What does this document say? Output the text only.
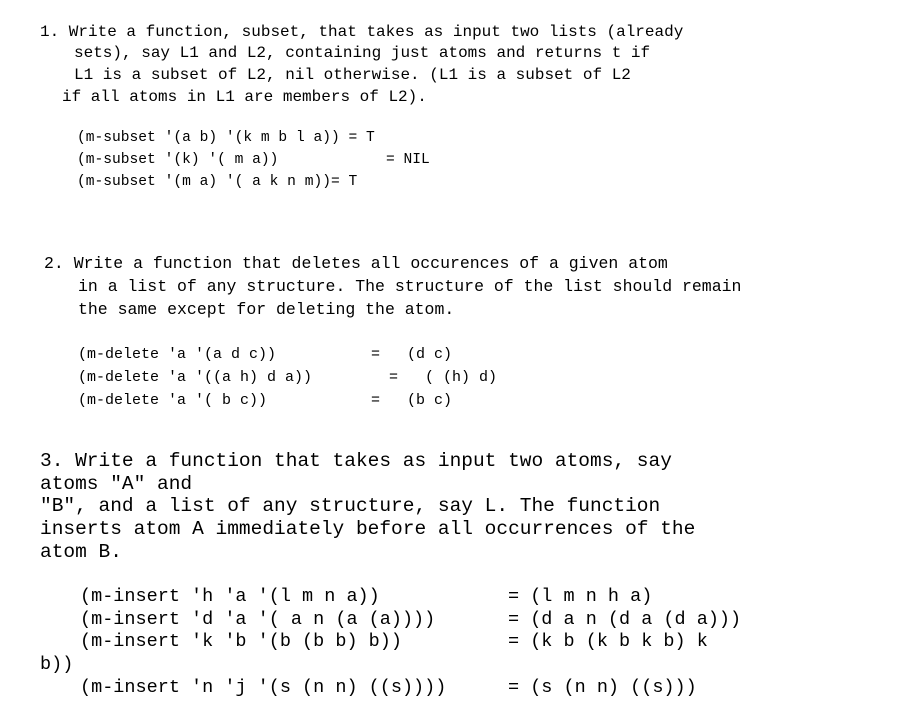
1. Write a function, subset, that takes as input two lists (already
sets), say L1 and L2, containing just atoms and returns t if
L1 is a subset of L2, nil otherwise. (L1 is a subset of L2
if all atoms in L1 are members of L2).
(m-subset '(a b) '(k m b l a)) = T
(m-subset '(k) '( m a))	= NIL
(m-subset '(m a) '( a k n m))= T
2. Write a function that deletes all occurences of a given atom
in a list of any structure. The structure of the list should remain
the same except for deleting the atom.
(m-delete 'a '(a d c))	= (d c)
(m-delete 'a '((a h) d a))	= ( (h) d)
(m-delete 'a '( b c))	= (b c)
3. Write a function that takes as input two atoms, say
atoms "A" and
"B", and a list of any structure, say L. The function
inserts atom A immediately before all occurrences of the
atom B.
(m-insert 'h 'a '(l m n a))	= (l m n h a)
(m-insert 'd 'a '( a n (a (a))))	= (d a n (d a (d a)))
(m-insert 'k 'b '(b (b b) b))	= (k b (k b k b) k
b))
(m-insert 'n 'j '(s (n n) ((s))))	= (s (n n) ((s)))
